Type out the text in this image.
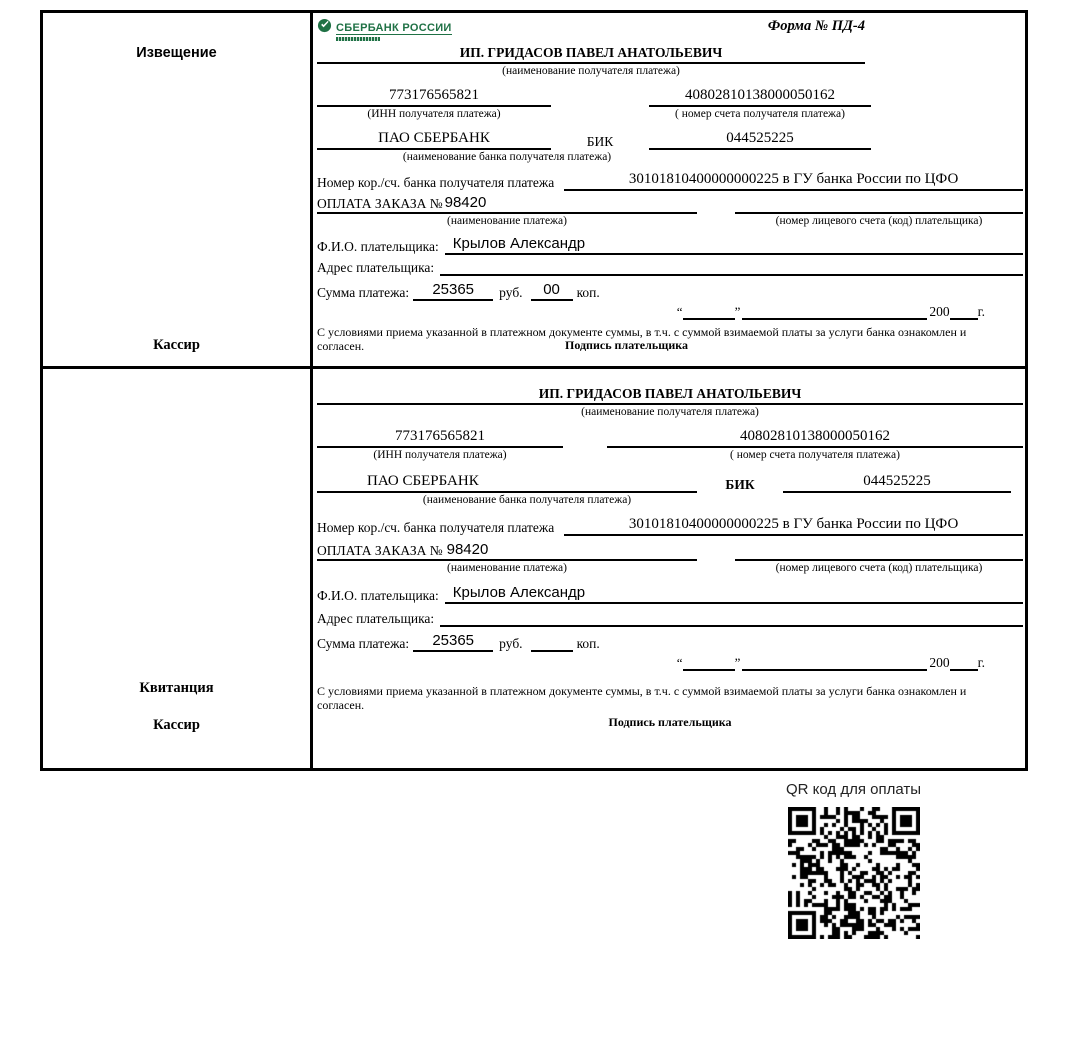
Извещение
Кассир
СБЕРБАНК РОССИИ	Форма № ПД-4
ИП. ГРИДАСОВ ПАВЕЛ АНАТОЛЬЕВИЧ
(наименование получателя платежа)
773176565821
(ИНН получателя платежа)
40802810138000050162
( номер счета получателя платежа)
ПАО СБЕРБАНК	БИК	044525225
(наименование банка получателя платежа)
Номер кор./сч. банка получателя платежа	30101810400000000225 в ГУ банка России по ЦФО
ОПЛАТА ЗАКАЗА № 98420
(наименование платежа)	(номер лицевого счета (код) плательщика)
Ф.И.О. плательщика: Крылов Александр
Адрес плательщика:
Сумма платежа:	25365	руб.	00	коп.
“	”	200 г.
С условиями приема указанной в платежном документе суммы, в т.ч. с суммой взимаемой платы за услуги банка ознакомлен и согласен.	Подпись плательщика
Квитанция
Кассир
ИП. ГРИДАСОВ ПАВЕЛ АНАТОЛЬЕВИЧ
(наименование получателя платежа)
773176565821
(ИНН получателя платежа)
40802810138000050162
( номер счета получателя платежа)
ПАО СБЕРБАНК	БИК	044525225
(наименование банка получателя платежа)
Номер кор./сч. банка получателя платежа	30101810400000000225 в ГУ банка России по ЦФО
ОПЛАТА ЗАКАЗА № 98420
(наименование платежа)	(номер лицевого счета (код) плательщика)
Ф.И.О. плательщика: Крылов Александр
Адрес плательщика:
Сумма платежа:	25365	руб.	коп.
“	”	200 г.
С условиями приема указанной в платежном документе суммы, в т.ч. с суммой взимаемой платы за услуги банка ознакомлен и согласен.
Подпись плательщика
QR код для оплаты
